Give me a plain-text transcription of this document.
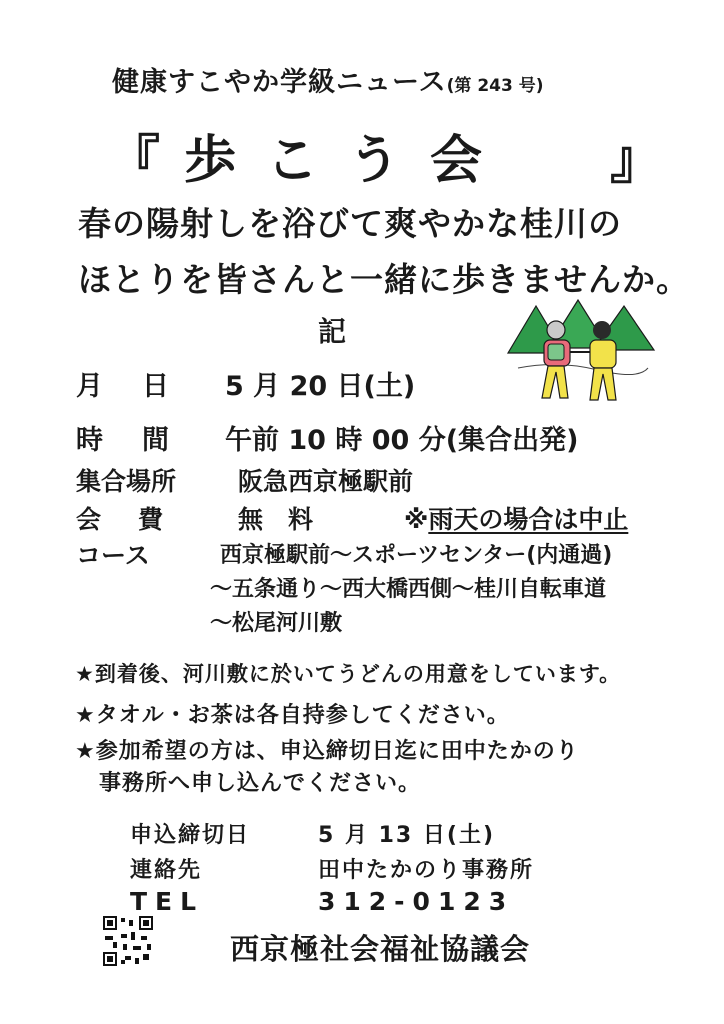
健康すこやか学級ニュース(第 243 号)
『 歩こう会 』
春の陽射しを浴びて爽やかな桂川の
ほとりを皆さんと一緒に歩きませんか。
記
月　日 5 月 20 日(土)
時　間 午前 10 時 00 分(集合出発)
集合場所 阪急西京極駅前
会　費	無　料	※雨天の場合は中止
コース	西京極駅前～スポーツセンター(内通過)
～五条通り～西大橋西側～桂川自転車道
～松尾河川敷
★到着後、河川敷に於いてうどんの用意をしています。
★タオル・お茶は各自持参してください。
★参加希望の方は、申込締切日迄に田中たかのり
事務所へ申し込んでください。
申込締切日	5 月 13 日(土)
連絡先	田中たかのり事務所
TEL	312-0123
西京極社会福祉協議会
